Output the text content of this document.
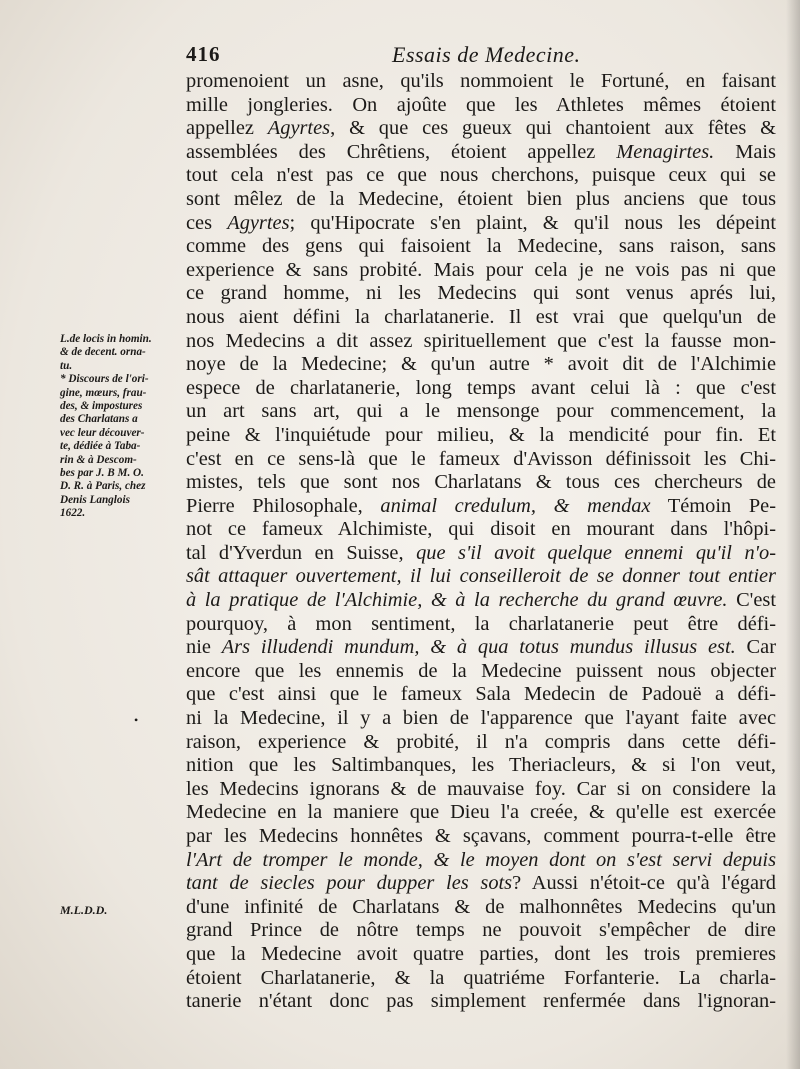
416	Essais de Medecine.
L.de locis in homin.
& de decent. orna-
tu.
* Discours de l'ori-
gine, mœurs, frau-
des, & impostures
des Charlatans a
vec leur découver-
te, dédiée à Taba-
rin & à Descom-
bes par J. B M. O.
D. R. à Paris, chez
Denis Langlois
1622.
•
M.L.D.D.
promenoient un asne, qu'ils nommoient le Fortuné, en faisant
mille jongleries. On ajoûte que les Athletes mêmes étoient
appellez Agyrtes, & que ces gueux qui chantoient aux fêtes &
assemblées des Chrêtiens, étoient appellez Menagirtes. Mais
tout cela n'est pas ce que nous cherchons, puisque ceux qui se
sont mêlez de la Medecine, étoient bien plus anciens que tous
ces Agyrtes; qu'Hipocrate s'en plaint, & qu'il nous les dépeint
comme des gens qui faisoient la Medecine, sans raison, sans
experience & sans probité. Mais pour cela je ne vois pas ni que
ce grand homme, ni les Medecins qui sont venus aprés lui,
nous aient défini la charlatanerie. Il est vrai que quelqu'un de
nos Medecins a dit assez spirituellement que c'est la fausse mon-
noye de la Medecine; & qu'un autre * avoit dit de l'Alchimie
espece de charlatanerie, long temps avant celui là : que c'est
un art sans art, qui a le mensonge pour commencement, la
peine & l'inquiétude pour milieu, & la mendicité pour fin. Et
c'est en ce sens-là que le fameux d'Avisson définissoit les Chi-
mistes, tels que sont nos Charlatans & tous ces chercheurs de
Pierre Philosophale, animal credulum, & mendax Témoin Pe-
not ce fameux Alchimiste, qui disoit en mourant dans l'hôpi-
tal d'Yverdun en Suisse, que s'il avoit quelque ennemi qu'il n'o-
sât attaquer ouvertement, il lui conseilleroit de se donner tout entier
à la pratique de l'Alchimie, & à la recherche du grand œuvre. C'est
pourquoy, à mon sentiment, la charlatanerie peut être défi-
nie Ars illudendi mundum, & à qua totus mundus illusus est. Car
encore que les ennemis de la Medecine puissent nous objecter
que c'est ainsi que le fameux Sala Medecin de Padouë a défi-
ni la Medecine, il y a bien de l'apparence que l'ayant faite avec
raison, experience & probité, il n'a compris dans cette défi-
nition que les Saltimbanques, les Theriacleurs, & si l'on veut,
les Medecins ignorans & de mauvaise foy. Car si on considere la
Medecine en la maniere que Dieu l'a creée, & qu'elle est exercée
par les Medecins honnêtes & sçavans, comment pourra-t-elle être
l'Art de tromper le monde, & le moyen dont on s'est servi depuis
tant de siecles pour dupper les sots? Aussi n'étoit-ce qu'à l'égard
d'une infinité de Charlatans & de malhonnêtes Medecins qu'un
grand Prince de nôtre temps ne pouvoit s'empêcher de dire
que la Medecine avoit quatre parties, dont les trois premieres
étoient Charlatanerie, & la quatriéme Forfanterie. La charla-
tanerie n'étant donc pas simplement renfermée dans l'ignoran-
